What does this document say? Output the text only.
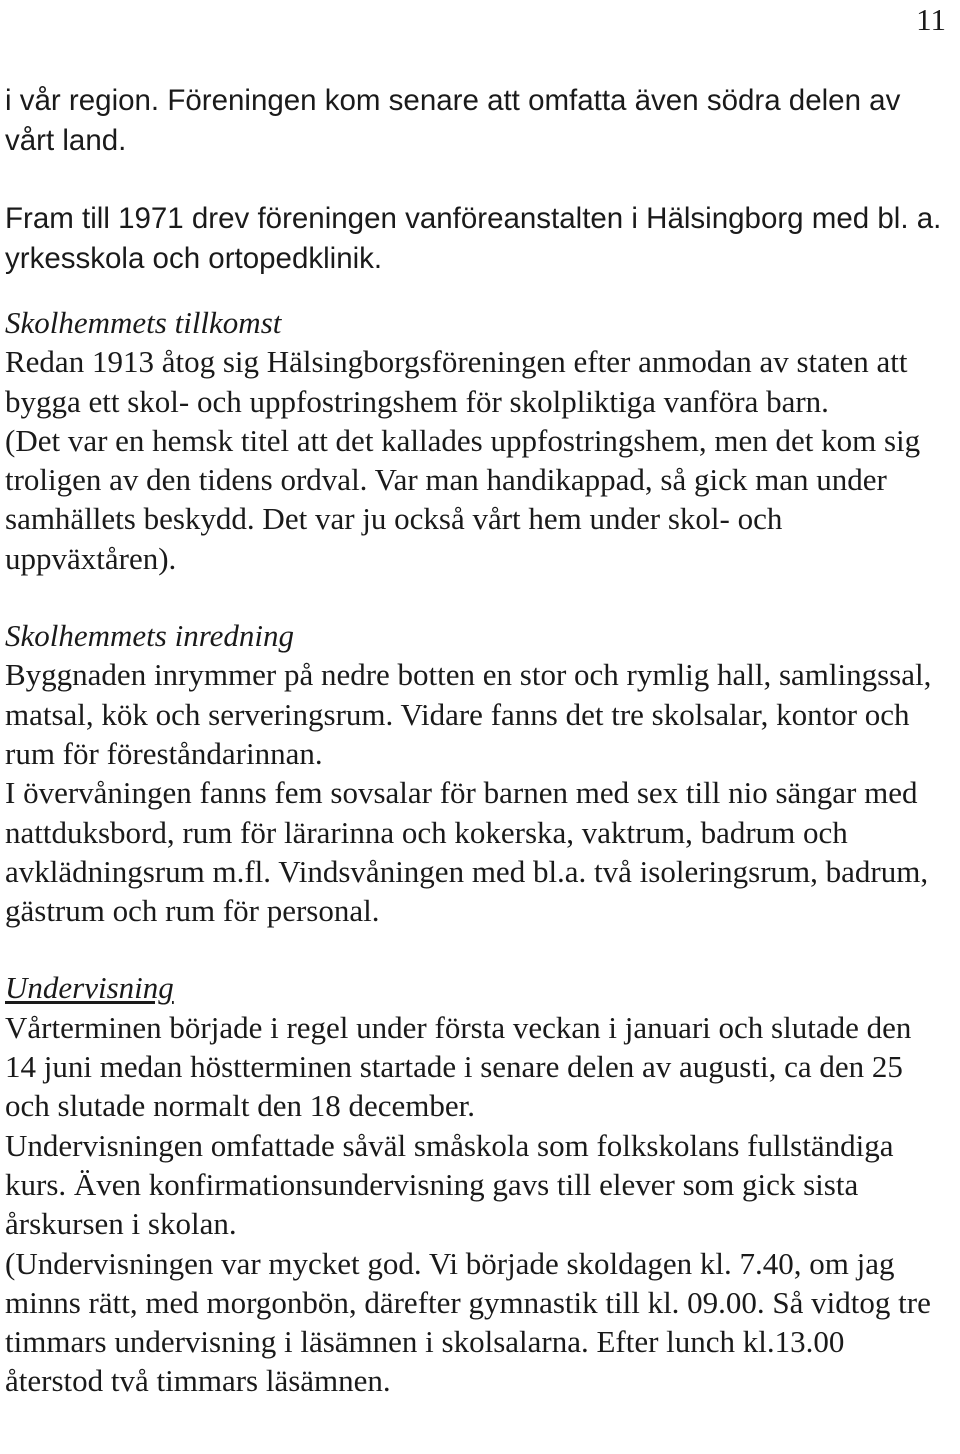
11

i vår region. Föreningen kom senare att omfatta även södra delen av vårt land.

Fram till 1971 drev föreningen vanföreanstalten i Hälsingborg med bl. a. yrkesskola och ortopedklinik.

Skolhemmets tillkomst

Redan 1913 åtog sig Hälsingborgsföreningen efter anmodan av staten att bygga ett skol- och uppfostringshem för skolpliktiga vanföra barn.

(Det var en hemsk titel att det kallades uppfostringshem, men det kom sig troligen av den tidens ordval. Var man handikappad, så gick man under samhällets beskydd. Det var ju också vårt hem under skol- och uppväxtåren).

Skolhemmets inredning

Byggnaden inrymmer på nedre botten en stor och rymlig hall, samlingssal, matsal, kök och serveringsrum. Vidare fanns det tre skolsalar, kontor och rum för föreståndarinnan.

I övervåningen fanns fem sovsalar för barnen med sex till nio sängar med nattduksbord, rum för lärarinna och kokerska, vaktrum, badrum och avklädningsrum m.fl. Vindsvåningen med bl.a. två isoleringsrum, badrum, gästrum och rum för personal.

Undervisning

Vårterminen började i regel under första veckan i januari och slutade den 14 juni medan höstterminen startade i senare delen av augusti, ca den 25 och slutade normalt den 18 december.

Undervisningen omfattade såväl småskola som folkskolans fullständiga kurs. Även konfirmationsundervisning gavs till elever som gick sista årskursen i skolan.

(Undervisningen var mycket god. Vi började skoldagen kl. 7.40, om jag minns rätt, med morgonbön, därefter gymnastik till kl. 09.00. Så vidtog tre timmars undervisning i läsämnen i skolsalarna. Efter lunch kl.13.00 återstod två timmars läsämnen.
